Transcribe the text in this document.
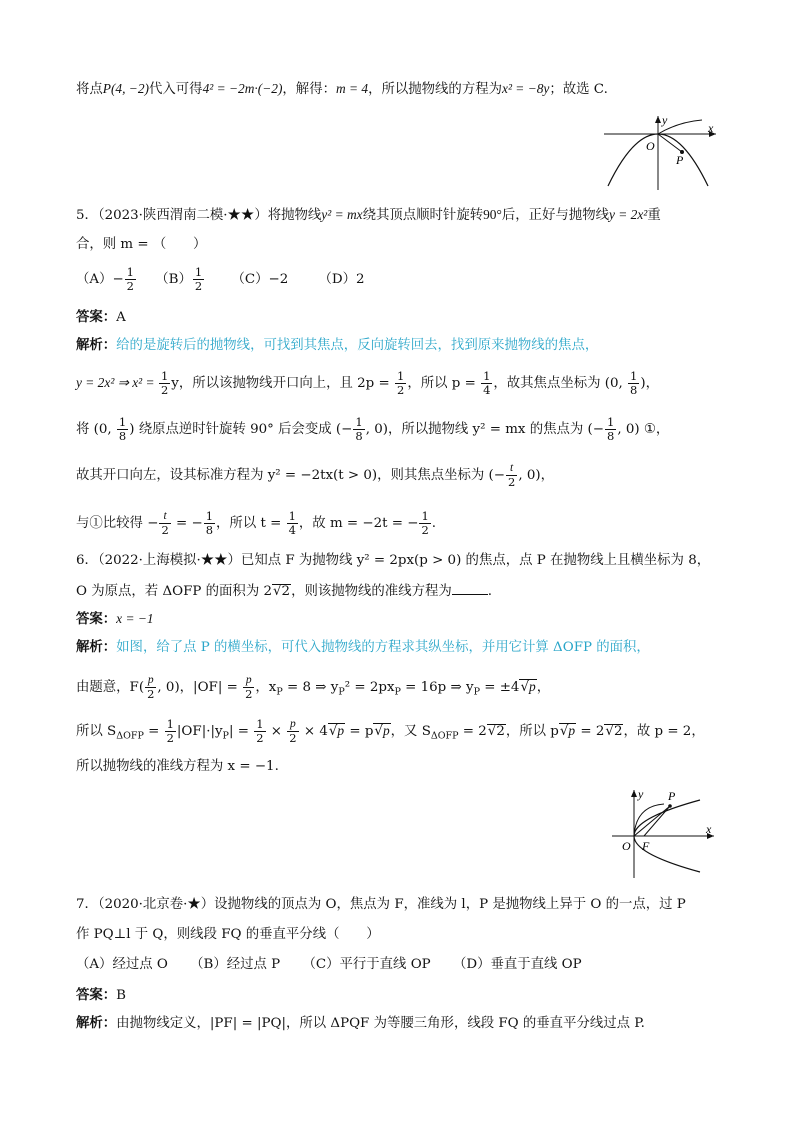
将点P(4, −2)代入可得4² = −2m·(−2)，解得：m = 4，所以抛物线的方程为x² = −8y；故选 C.
y
x
O
P
5．（2023·陕西渭南二模·★★）将抛物线y² = mx绕其顶点顺时针旋转90°后，正好与抛物线y = 2x²重
合，则 m = （　　）
$(A)- \frac{1}{2} (B) \frac{1}{2} (C)-2$ （D）2
答案：A
解析：给的是旋转后的抛物线，可找到其焦点，反向旋转回去，找到原来抛物线的焦点，
y = 2x² ⇒ $x^2 = \frac{1}{2}$ y，所以该抛物线开口向上，且 $2p = \frac{1}{2}$ ，所以 $p = \frac{1}{4}$ ，故其焦点坐标为 (0, $\frac{1}{8}$ )，
将 (0, $\frac{1}{8}$ ) 绕原点逆时针旋转 90° 后会变成 (− $\frac{1}{8}$ , 0)，所以抛物线 y² = mx 的焦点为 (− $\frac{1}{8}$ , 0) ①，
故其开口向左，设其标准方程为 y² = −2tx(t > 0)，则其焦点坐标为 (− $\frac{t}{2}$ , 0)，
与①比较得 − $\frac{t}{2}$ = − $\frac{1}{8}$ ，所以 $t = \frac{1}{4}$ ，故 m = −2t = − $\frac{1}{2}$ .
6．（2022·上海模拟·★★）已知点 F 为抛物线 y² = 2px(p > 0) 的焦点，点 P 在抛物线上且横坐标为 8，
O 为原点，若 ΔOFP 的面积为 2√2，则该抛物线的准线方程为	.
答案：x = −1
解析：如图，给了点 P 的横坐标，可代入抛物线的方程求其纵坐标，并用它计算 ΔOFP 的面积，
由题意，$F( \frac{p}{2}$ , 0)，$|OF| = \frac{p}{2}$ ，$x_P = 8$ ⇒ $y_P^2 = 2px_P = 16p$ ⇒ $y_P = \pm 4√p$，
所以 $S_{\Delta OFP} = \frac{1}{2} |OF|\cdot|y_P| = \frac{1}{2} \times \frac{p}{2} \times 4√p = p√p$，又 $S_{\Delta OFP} = 2√2$，所以 p√p = 2√2，故 p = 2，
所以抛物线的准线方程为 x = −1.
y
x
O F
P
7．（2020·北京卷·★）设抛物线的顶点为 O，焦点为 F，准线为 l，P 是抛物线上异于 O 的一点，过 P
作 PQ⊥l 于 Q，则线段 FQ 的垂直平分线（　　）
（A）经过点 O （B）经过点 P （C）平行于直线 OP （D）垂直于直线 OP
答案：B
解析：由抛物线定义，|PF| = |PQ|，所以 ΔPQF 为等腰三角形，线段 FQ 的垂直平分线过点 P.
